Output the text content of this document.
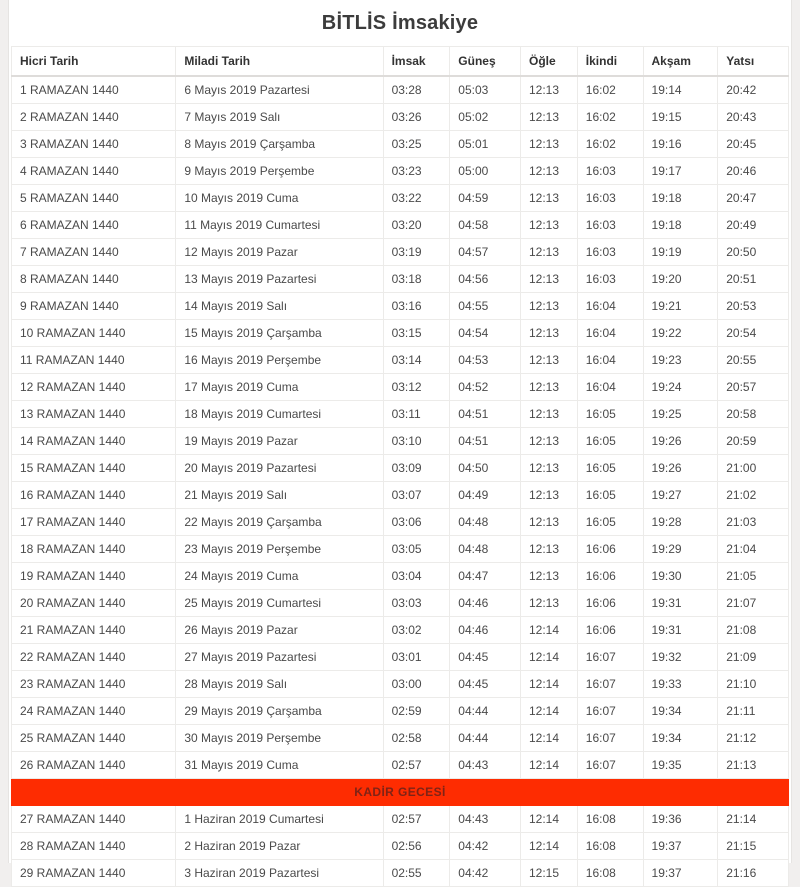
BİTLİS İmsakiye
Hicri Tarih	Miladi Tarih	İmsak	Güneş	Öğle	İkindi	Akşam	Yatsı
1 RAMAZAN 1440	6 Mayıs 2019 Pazartesi	03:28	05:03	12:13	16:02	19:14	20:42
2 RAMAZAN 1440	7 Mayıs 2019 Salı	03:26	05:02	12:13	16:02	19:15	20:43
3 RAMAZAN 1440	8 Mayıs 2019 Çarşamba	03:25	05:01	12:13	16:02	19:16	20:45
4 RAMAZAN 1440	9 Mayıs 2019 Perşembe	03:23	05:00	12:13	16:03	19:17	20:46
5 RAMAZAN 1440	10 Mayıs 2019 Cuma	03:22	04:59	12:13	16:03	19:18	20:47
6 RAMAZAN 1440	11 Mayıs 2019 Cumartesi	03:20	04:58	12:13	16:03	19:18	20:49
7 RAMAZAN 1440	12 Mayıs 2019 Pazar	03:19	04:57	12:13	16:03	19:19	20:50
8 RAMAZAN 1440	13 Mayıs 2019 Pazartesi	03:18	04:56	12:13	16:03	19:20	20:51
9 RAMAZAN 1440	14 Mayıs 2019 Salı	03:16	04:55	12:13	16:04	19:21	20:53
10 RAMAZAN 1440	15 Mayıs 2019 Çarşamba	03:15	04:54	12:13	16:04	19:22	20:54
11 RAMAZAN 1440	16 Mayıs 2019 Perşembe	03:14	04:53	12:13	16:04	19:23	20:55
12 RAMAZAN 1440	17 Mayıs 2019 Cuma	03:12	04:52	12:13	16:04	19:24	20:57
13 RAMAZAN 1440	18 Mayıs 2019 Cumartesi	03:11	04:51	12:13	16:05	19:25	20:58
14 RAMAZAN 1440	19 Mayıs 2019 Pazar	03:10	04:51	12:13	16:05	19:26	20:59
15 RAMAZAN 1440	20 Mayıs 2019 Pazartesi	03:09	04:50	12:13	16:05	19:26	21:00
16 RAMAZAN 1440	21 Mayıs 2019 Salı	03:07	04:49	12:13	16:05	19:27	21:02
17 RAMAZAN 1440	22 Mayıs 2019 Çarşamba	03:06	04:48	12:13	16:05	19:28	21:03
18 RAMAZAN 1440	23 Mayıs 2019 Perşembe	03:05	04:48	12:13	16:06	19:29	21:04
19 RAMAZAN 1440	24 Mayıs 2019 Cuma	03:04	04:47	12:13	16:06	19:30	21:05
20 RAMAZAN 1440	25 Mayıs 2019 Cumartesi	03:03	04:46	12:13	16:06	19:31	21:07
21 RAMAZAN 1440	26 Mayıs 2019 Pazar	03:02	04:46	12:14	16:06	19:31	21:08
22 RAMAZAN 1440	27 Mayıs 2019 Pazartesi	03:01	04:45	12:14	16:07	19:32	21:09
23 RAMAZAN 1440	28 Mayıs 2019 Salı	03:00	04:45	12:14	16:07	19:33	21:10
24 RAMAZAN 1440	29 Mayıs 2019 Çarşamba	02:59	04:44	12:14	16:07	19:34	21:11
25 RAMAZAN 1440	30 Mayıs 2019 Perşembe	02:58	04:44	12:14	16:07	19:34	21:12
26 RAMAZAN 1440	31 Mayıs 2019 Cuma	02:57	04:43	12:14	16:07	19:35	21:13
KADİR GECESİ							
27 RAMAZAN 1440	1 Haziran 2019 Cumartesi	02:57	04:43	12:14	16:08	19:36	21:14
28 RAMAZAN 1440	2 Haziran 2019 Pazar	02:56	04:42	12:14	16:08	19:37	21:15
29 RAMAZAN 1440	3 Haziran 2019 Pazartesi	02:55	04:42	12:15	16:08	19:37	21:16
